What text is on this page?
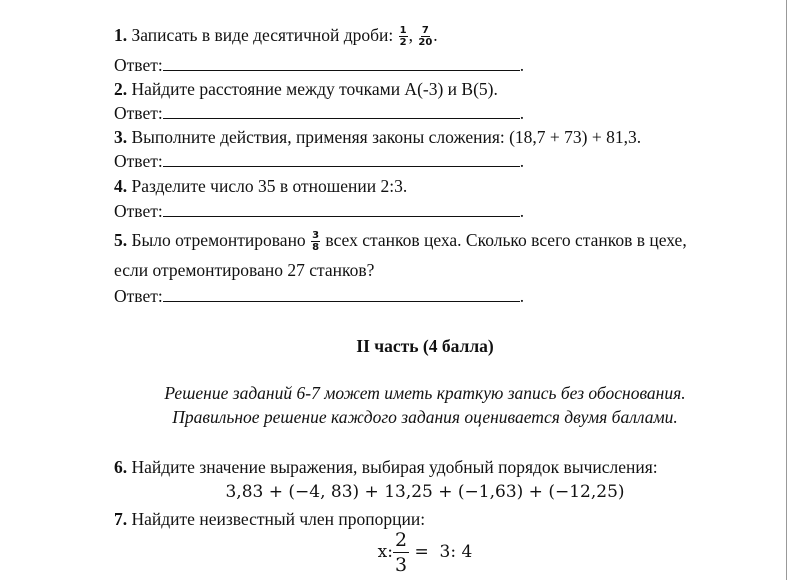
1. Записать в виде десятичной дроби: $\frac{1}{2}$ , $\frac{7}{20}$ .
Ответ:	.
2. Найдите расстояние между точками А(-3) и В(5).
Ответ:	.
3. Выполните действия, применяя законы сложения: (18,7 + 73) + 81,3.
Ответ:	.
4. Разделите число 35 в отношении 2:3.
Ответ:	.
5. Было отремонтировано $\frac{3}{8}$ всех станков цеха. Сколько всего станков в цехе,
если отремонтировано 27 станков?
Ответ:	.
II часть (4 балла)
Решение заданий 6-7 может иметь краткую запись без обоснования.
Правильное решение каждого задания оценивается двумя баллами.
6. Найдите значение выражения, выбирая удобный порядок вычисления:
3,83 + (−4, 83) + 13,25 + (−1,63) + (−12,25)
7. Найдите неизвестный член пропорции:
x: $\frac{2}{3} = 3$: 4
